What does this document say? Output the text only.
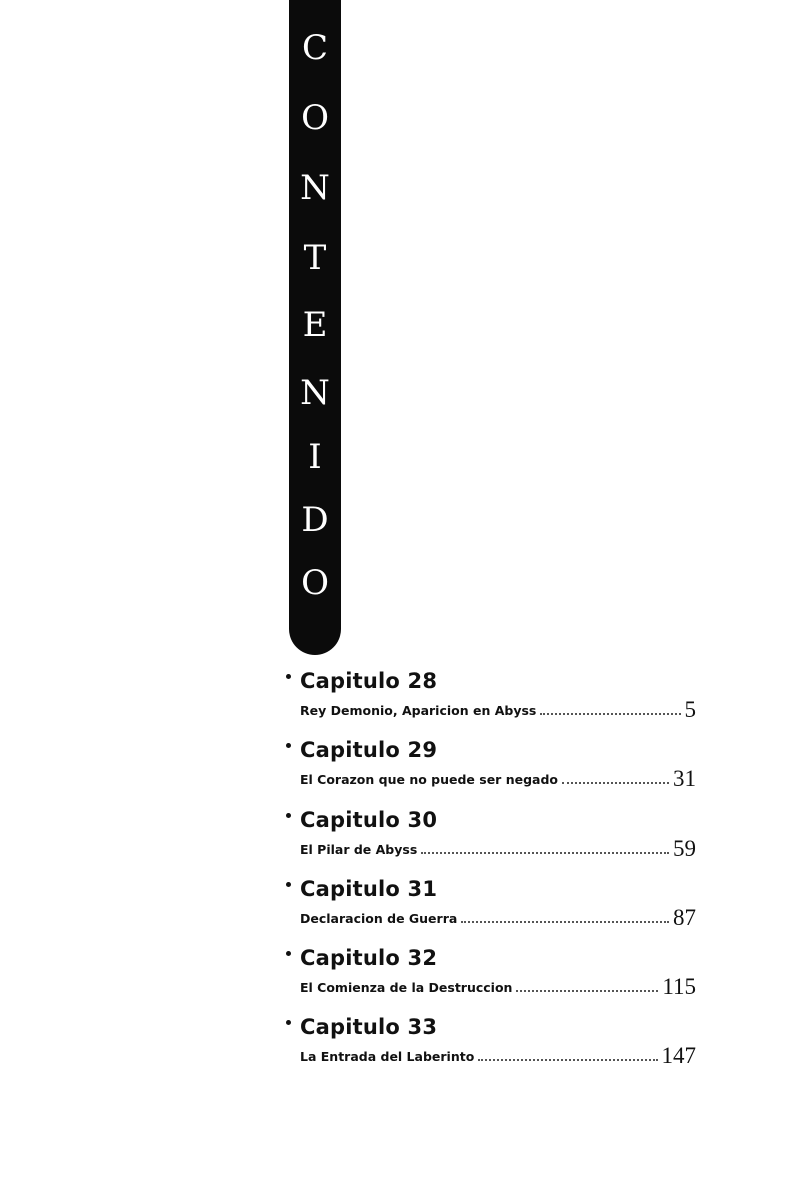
C
O
N
T
E
N
I
D
O
Capitulo 28
Rey Demonio, Aparicion en Abyss	5
Capitulo 29
El Corazon que no puede ser negado	31
Capitulo 30
El Pilar de Abyss	59
Capitulo 31
Declaracion de Guerra	87
Capitulo 32
El Comienza de la Destruccion	115
Capitulo 33
La Entrada del Laberinto	147
